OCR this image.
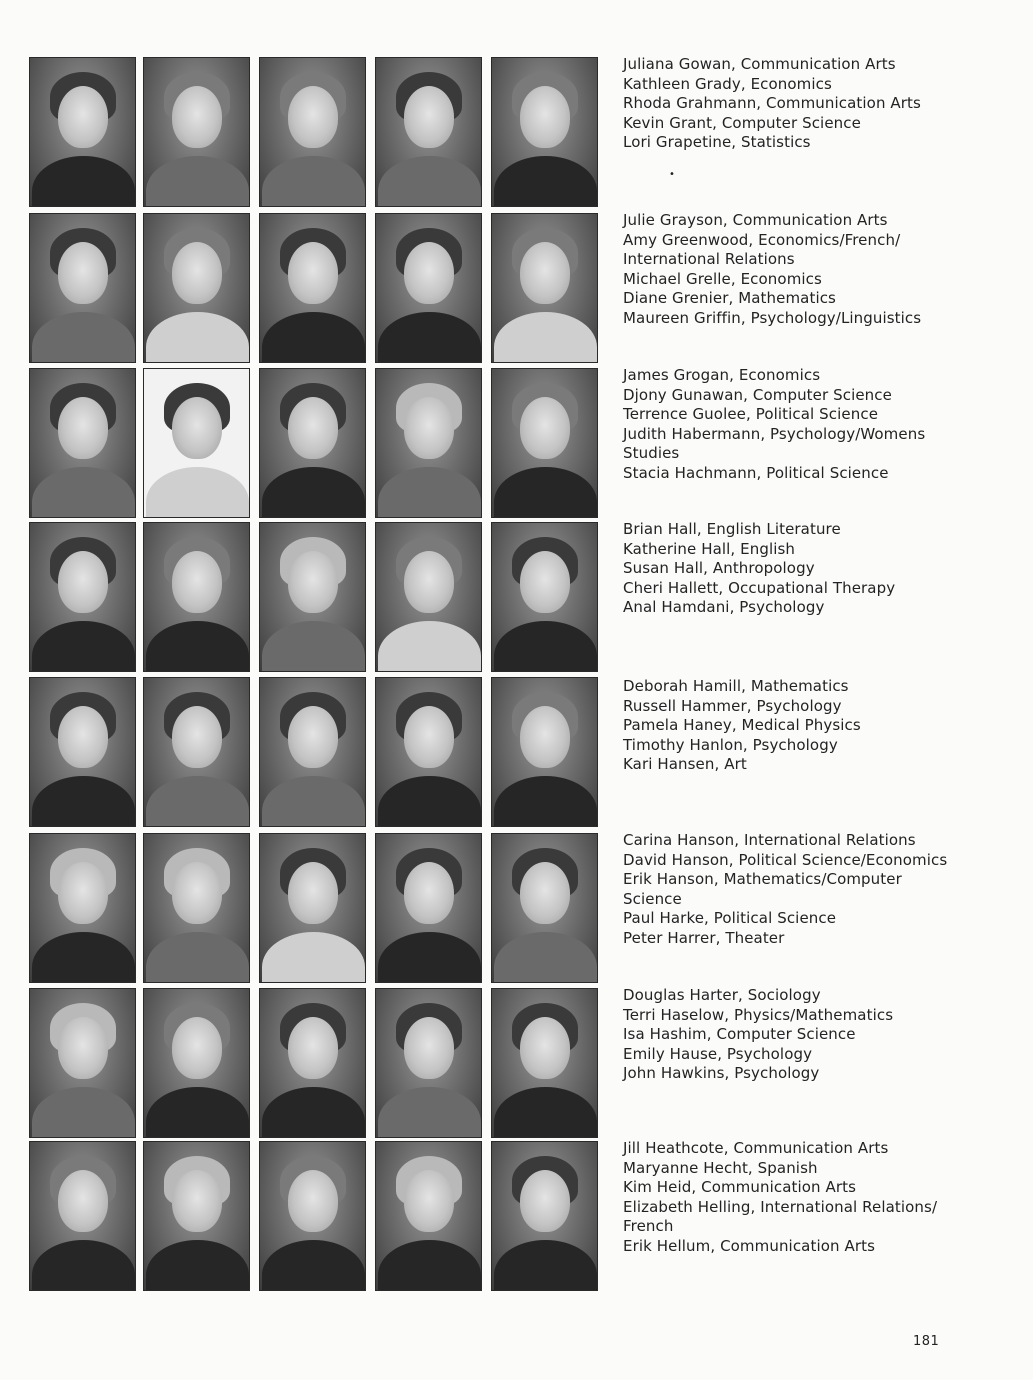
Juliana Gowan, Communication Arts
Kathleen Grady, Economics
Rhoda Grahmann, Communication Arts
Kevin Grant, Computer Science
Lori Grapetine, Statistics
•
Julie Grayson, Communication Arts
Amy Greenwood, Economics/French/
International Relations
Michael Grelle, Economics
Diane Grenier, Mathematics
Maureen Griffin, Psychology/Linguistics
James Grogan, Economics
Djony Gunawan, Computer Science
Terrence Guolee, Political Science
Judith Habermann, Psychology/Womens
Studies
Stacia Hachmann, Political Science
Brian Hall, English Literature
Katherine Hall, English
Susan Hall, Anthropology
Cheri Hallett, Occupational Therapy
Anal Hamdani, Psychology
Deborah Hamill, Mathematics
Russell Hammer, Psychology
Pamela Haney, Medical Physics
Timothy Hanlon, Psychology
Kari Hansen, Art
Carina Hanson, International Relations
David Hanson, Political Science/Economics
Erik Hanson, Mathematics/Computer
Science
Paul Harke, Political Science
Peter Harrer, Theater
Douglas Harter, Sociology
Terri Haselow, Physics/Mathematics
Isa Hashim, Computer Science
Emily Hause, Psychology
John Hawkins, Psychology
Jill Heathcote, Communication Arts
Maryanne Hecht, Spanish
Kim Heid, Communication Arts
Elizabeth Helling, International Relations/
French
Erik Hellum, Communication Arts
181
